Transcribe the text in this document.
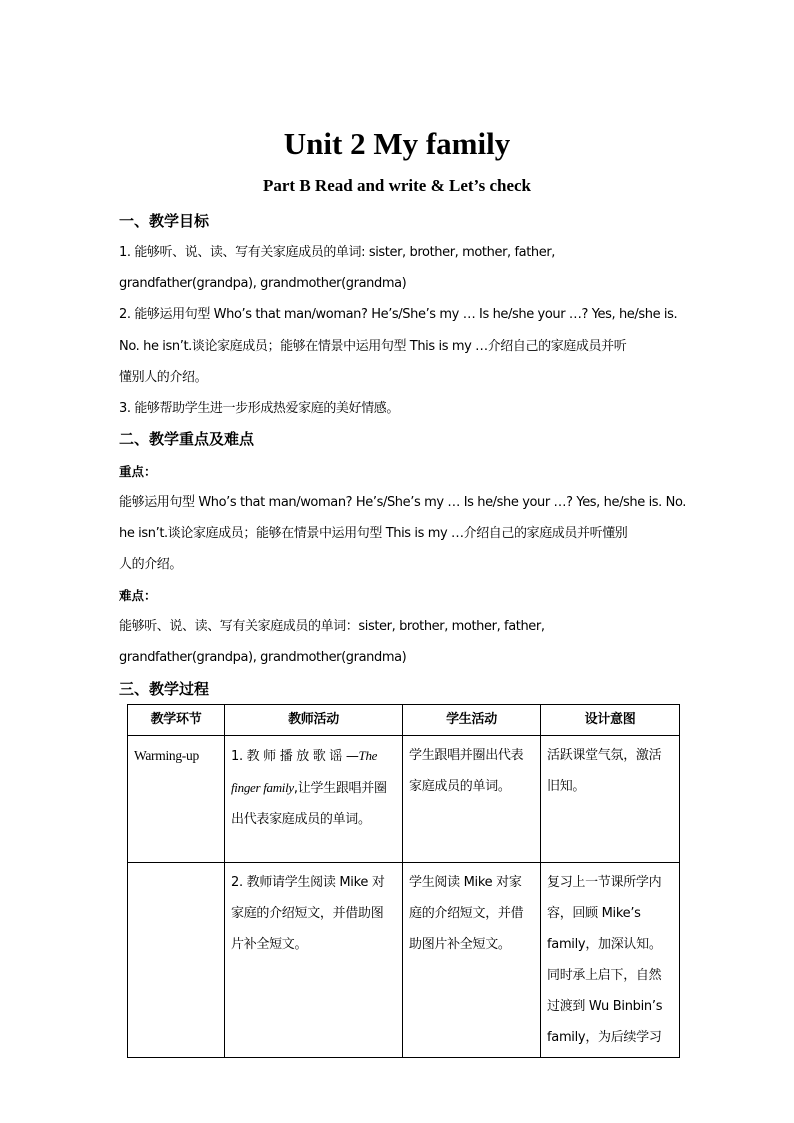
Unit 2 My family
Part B Read and write & Let’s check
一、教学目标
1. 能够听、说、读、写有关家庭成员的单词: sister, brother, mother, father,
grandfather(grandpa), grandmother(grandma)
2. 能够运用句型 Who’s that man/woman? He’s/She’s my … Is he/she your …? Yes, he/she is.
No. he isn’t.谈论家庭成员；能够在情景中运用句型 This is my …介绍自己的家庭成员并听
懂别人的介绍。
3. 能够帮助学生进一步形成热爱家庭的美好情感。
二、教学重点及难点
重点：
能够运用句型 Who’s that man/woman? He’s/She’s my … Is he/she your …? Yes, he/she is. No.
he isn’t.谈论家庭成员；能够在情景中运用句型 This is my …介绍自己的家庭成员并听懂别
人的介绍。
难点：
能够听、说、读、写有关家庭成员的单词：sister, brother, mother, father,
grandfather(grandpa), grandmother(grandma)
三、教学过程
教学环节	教师活动	学生活动	设计意图
Warming-up	1. 教 师 播 放 歌 谣 —The finger family,让学生跟唱并圈出代表家庭成员的单词。	学生跟唱并圈出代表家庭成员的单词。	活跃课堂气氛，激活旧知。
	2. 教师请学生阅读 Mike 对家庭的介绍短文，并借助图片补全短文。	学生阅读 Mike 对家庭的介绍短文，并借助图片补全短文。	复习上一节课所学内容，回顾 Mike’s family，加深认知。同时承上启下，自然过渡到 Wu Binbin’s family，为后续学习
